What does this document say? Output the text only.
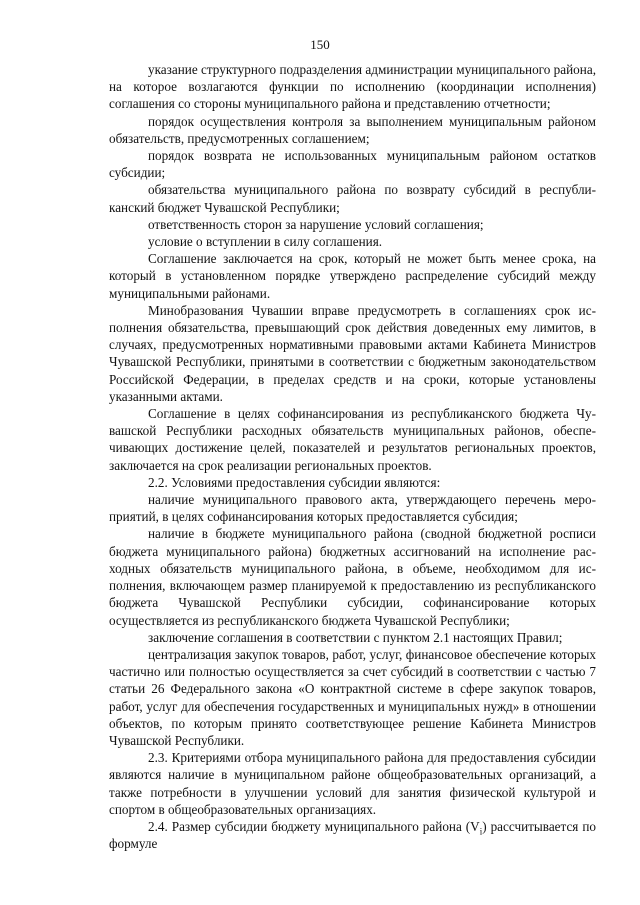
150

указание структурного подразделения администрации муниципального района, на которое возлагаются функции по исполнению (координации исполнения) соглашения со стороны муниципального района и представлению отчетности;

порядок осуществления контроля за выполнением муниципальным районом обязательств, предусмотренных соглашением;

порядок возврата не использованных муниципальным районом остатков субсидии;

обязательства муниципального района по возврату субсидий в республиканский бюджет Чувашской Республики;

ответственность сторон за нарушение условий соглашения;

условие о вступлении в силу соглашения.

Соглашение заключается на срок, который не может быть менее срока, на который в установленном порядке утверждено распределение субсидий между муниципальными районами.

Минобразования Чувашии вправе предусмотреть в соглашениях срок исполнения обязательства, превышающий срок действия доведенных ему лимитов, в случаях, предусмотренных нормативными правовыми актами Кабинета Министров Чувашской Республики, принятыми в соответствии с бюджетным законодательством Российской Федерации, в пределах средств и на сроки, которые установлены указанными актами.

Соглашение в целях софинансирования из республиканского бюджета Чувашской Республики расходных обязательств муниципальных районов, обеспечивающих достижение целей, показателей и результатов региональных проектов, заключается на срок реализации региональных проектов.

2.2. Условиями предоставления субсидии являются:

наличие муниципального правового акта, утверждающего перечень мероприятий, в целях софинансирования которых предоставляется субсидия;

наличие в бюджете муниципального района (сводной бюджетной росписи бюджета муниципального района) бюджетных ассигнований на исполнение расходных обязательств муниципального района, в объеме, необходимом для исполнения, включающем размер планируемой к предоставлению из республиканского бюджета Чувашской Республики субсидии, софинансирование которых осуществляется из республиканского бюджета Чувашской Республики;

заключение соглашения в соответствии с пунктом 2.1 настоящих Правил;

централизация закупок товаров, работ, услуг, финансовое обеспечение которых частично или полностью осуществляется за счет субсидий в соответствии с частью 7 статьи 26 Федерального закона «О контрактной системе в сфере закупок товаров, работ, услуг для обеспечения государственных и муниципальных нужд» в отношении объектов, по которым принято соответствующее решение Кабинета Министров Чувашской Республики.

2.3. Критериями отбора муниципального района для предоставления субсидии являются наличие в муниципальном районе общеобразовательных организаций, а также потребности в улучшении условий для занятия физической культурой и спортом в общеобразовательных организациях.

2.4. Размер субсидии бюджету муниципального района $(V_i)$ рассчитывается по формуле
